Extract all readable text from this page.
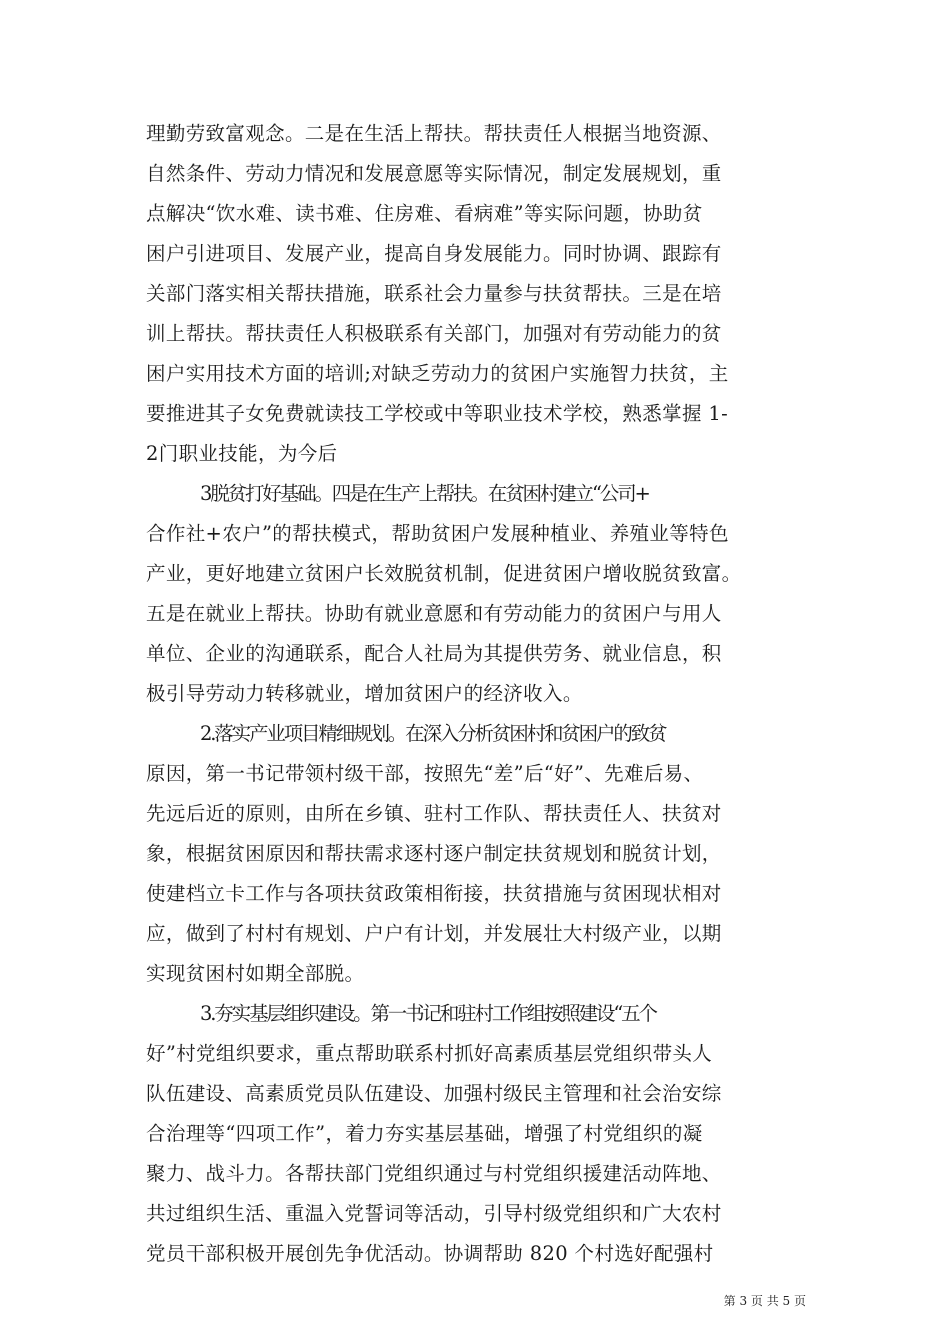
理勤劳致富观念。二是在生活上帮扶。帮扶责任人根据当地资源、
自然条件、劳动力情况和发展意愿等实际情况，制定发展规划，重
点解决“饮水难、读书难、住房难、看病难”等实际问题，协助贫
困户引进项目、发展产业，提高自身发展能力。同时协调、跟踪有
关部门落实相关帮扶措施，联系社会力量参与扶贫帮扶。三是在培
训上帮扶。帮扶责任人积极联系有关部门，加强对有劳动能力的贫
困户实用技术方面的培训;对缺乏劳动力的贫困户实施智力扶贫，主
要推进其子女免费就读技工学校或中等职业技术学校，熟悉掌握 1-
2门职业技能，为今后
3脱贫打好基础。四是在生产上帮扶。在贫困村建立“公司+
合作社+农户”的帮扶模式，帮助贫困户发展种植业、养殖业等特色
产业，更好地建立贫困户长效脱贫机制，促进贫困户增收脱贫致富。
五是在就业上帮扶。协助有就业意愿和有劳动能力的贫困户与用人
单位、企业的沟通联系，配合人社局为其提供劳务、就业信息，积
极引导劳动力转移就业，增加贫困户的经济收入。
2.落实产业项目精细规划。在深入分析贫困村和贫困户的致贫
原因，第一书记带领村级干部，按照先“差”后“好”、先难后易、
先远后近的原则，由所在乡镇、驻村工作队、帮扶责任人、扶贫对
象，根据贫困原因和帮扶需求逐村逐户制定扶贫规划和脱贫计划，
使建档立卡工作与各项扶贫政策相衔接，扶贫措施与贫困现状相对
应，做到了村村有规划、户户有计划，并发展壮大村级产业，以期
实现贫困村如期全部脱。
3.夯实基层组织建设。第一书记和驻村工作组按照建设“五个
好”村党组织要求，重点帮助联系村抓好高素质基层党组织带头人
队伍建设、高素质党员队伍建设、加强村级民主管理和社会治安综
合治理等“四项工作”，着力夯实基层基础，增强了村党组织的凝
聚力、战斗力。各帮扶部门党组织通过与村党组织援建活动阵地、
共过组织生活、重温入党誓词等活动，引导村级党组织和广大农村
党员干部积极开展创先争优活动。协调帮助 820 个村选好配强村
第 3 页 共 5 页
